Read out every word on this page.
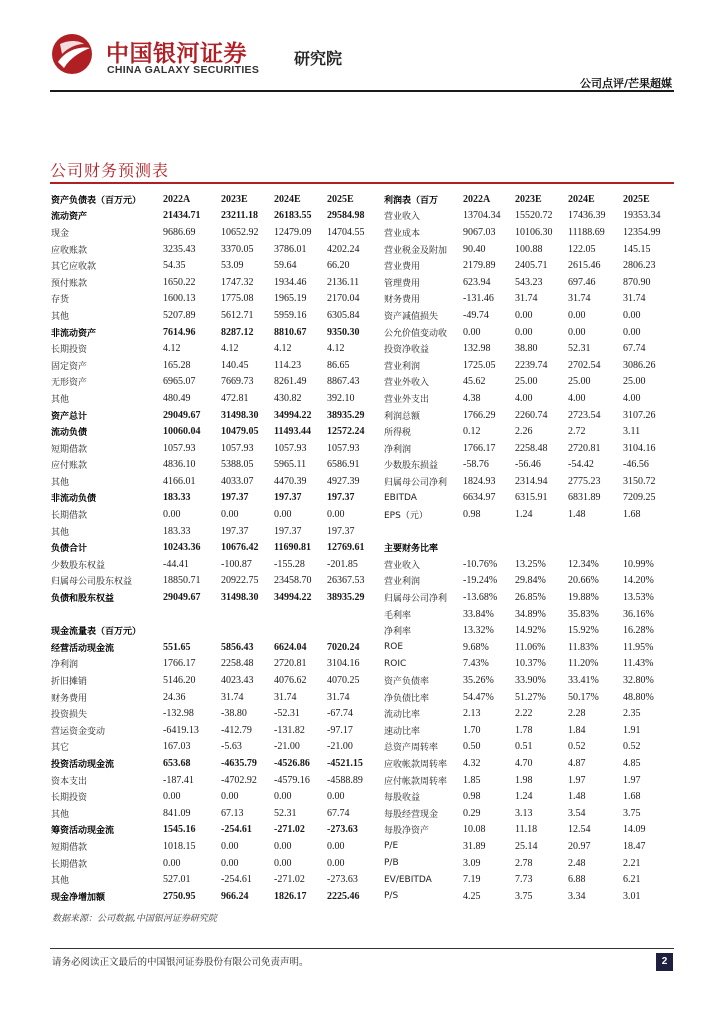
中国银河证券
CHINA GALAXY SECURITIES
研究院
公司点评/芒果超媒
公司财务预测表
资产负债表（百万元）	2022A	2023E	2024E	2025E
流动资产	21434.71	23211.18	26183.55	29584.98
现金	9686.69	10652.92	12479.09	14704.55
应收账款	3235.43	3370.05	3786.01	4202.24
其它应收款	54.35	53.09	59.64	66.20
预付账款	1650.22	1747.32	1934.46	2136.11
存货	1600.13	1775.08	1965.19	2170.04
其他	5207.89	5612.71	5959.16	6305.84
非流动资产	7614.96	8287.12	8810.67	9350.30
长期投资	4.12	4.12	4.12	4.12
固定资产	165.28	140.45	114.23	86.65
无形资产	6965.07	7669.73	8261.49	8867.43
其他	480.49	472.81	430.82	392.10
资产总计	29049.67	31498.30	34994.22	38935.29
流动负债	10060.04	10479.05	11493.44	12572.24
短期借款	1057.93	1057.93	1057.93	1057.93
应付账款	4836.10	5388.05	5965.11	6586.91
其他	4166.01	4033.07	4470.39	4927.39
非流动负债	183.33	197.37	197.37	197.37
长期借款	0.00	0.00	0.00	0.00
其他	183.33	197.37	197.37	197.37
负债合计	10243.36	10676.42	11690.81	12769.61
少数股东权益	-44.41	-100.87	-155.28	-201.85
归属母公司股东权益	18850.71	20922.75	23458.70	26367.53
负债和股东权益	29049.67	31498.30	34994.22	38935.29

现金流量表（百万元）				
经营活动现金流	551.65	5856.43	6624.04	7020.24
净利润	1766.17	2258.48	2720.81	3104.16
折旧摊销	5146.20	4023.43	4076.62	4070.25
财务费用	24.36	31.74	31.74	31.74
投资损失	-132.98	-38.80	-52.31	-67.74
营运资金变动	-6419.13	-412.79	-131.82	-97.17
其它	167.03	-5.63	-21.00	-21.00
投资活动现金流	653.68	-4635.79	-4526.86	-4521.15
资本支出	-187.41	-4702.92	-4579.16	-4588.89
长期投资	0.00	0.00	0.00	0.00
其他	841.09	67.13	52.31	67.74
筹资活动现金流	1545.16	-254.61	-271.02	-273.63
短期借款	1018.15	0.00	0.00	0.00
长期借款	0.00	0.00	0.00	0.00
其他	527.01	-254.61	-271.02	-273.63
现金净增加额	2750.95	966.24	1826.17	2225.46
利润表（百万	2022A	2023E	2024E	2025E
营业收入	13704.34	15520.72	17436.39	19353.34
营业成本	9067.03	10106.30	11188.69	12354.99
营业税金及附加	90.40	100.88	122.05	145.15
营业费用	2179.89	2405.71	2615.46	2806.23
管理费用	623.94	543.23	697.46	870.90
财务费用	-131.46	31.74	31.74	31.74
资产减值损失	-49.74	0.00	0.00	0.00
公允价值变动收	0.00	0.00	0.00	0.00
投资净收益	132.98	38.80	52.31	67.74
营业利润	1725.05	2239.74	2702.54	3086.26
营业外收入	45.62	25.00	25.00	25.00
营业外支出	4.38	4.00	4.00	4.00
利润总额	1766.29	2260.74	2723.54	3107.26
所得税	0.12	2.26	2.72	3.11
净利润	1766.17	2258.48	2720.81	3104.16
少数股东损益	-58.76	-56.46	-54.42	-46.56
归属母公司净利	1824.93	2314.94	2775.23	3150.72
EBITDA	6634.97	6315.91	6831.89	7209.25
EPS（元）	0.98	1.24	1.48	1.68

主要财务比率				
营业收入	-10.76%	13.25%	12.34%	10.99%
营业利润	-19.24%	29.84%	20.66%	14.20%
归属母公司净利	-13.68%	26.85%	19.88%	13.53%
毛利率	33.84%	34.89%	35.83%	36.16%
净利率	13.32%	14.92%	15.92%	16.28%
ROE	9.68%	11.06%	11.83%	11.95%
ROIC	7.43%	10.37%	11.20%	11.43%
资产负债率	35.26%	33.90%	33.41%	32.80%
净负债比率	54.47%	51.27%	50.17%	48.80%
流动比率	2.13	2.22	2.28	2.35
速动比率	1.70	1.78	1.84	1.91
总资产周转率	0.50	0.51	0.52	0.52
应收帐款周转率	4.32	4.70	4.87	4.85
应付帐款周转率	1.85	1.98	1.97	1.97
每股收益	0.98	1.24	1.48	1.68
每股经营现金	0.29	3.13	3.54	3.75
每股净资产	10.08	11.18	12.54	14.09
P/E	31.89	25.14	20.97	18.47
P/B	3.09	2.78	2.48	2.21
EV/EBITDA	7.19	7.73	6.88	6.21
P/S	4.25	3.75	3.34	3.01
数据来源：公司数据,中国银河证券研究院
请务必阅读正文最后的中国银河证券股份有限公司免责声明。	2
